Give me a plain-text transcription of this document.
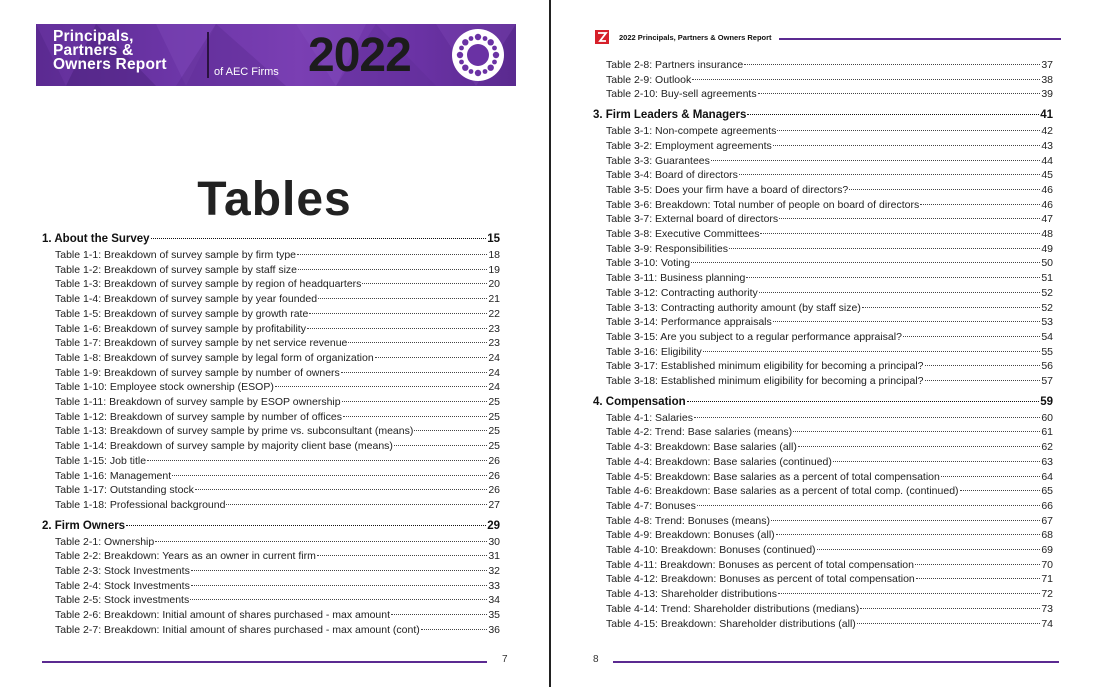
Principals,
Partners &
Owners Report	of AEC Firms 2022
Tables
1. About the Survey	15
Table 1-1: Breakdown of survey sample by firm type	18
Table 1-2: Breakdown of survey sample by staff size	19
Table 1-3: Breakdown of survey sample by region of headquarters	20
Table 1-4: Breakdown of survey sample by year founded	21
Table 1-5: Breakdown of survey sample by growth rate	22
Table 1-6: Breakdown of survey sample by profitability	23
Table 1-7: Breakdown of survey sample by net service revenue	23
Table 1-8: Breakdown of survey sample by legal form of organization	24
Table 1-9: Breakdown of survey sample by number of owners	24
Table 1-10: Employee stock ownership (ESOP)	24
Table 1-11: Breakdown of survey sample by ESOP ownership	25
Table 1-12: Breakdown of survey sample by number of offices	25
Table 1-13: Breakdown of survey sample by prime vs. subconsultant (means)	25
Table 1-14: Breakdown of survey sample by majority client base (means)	25
Table 1-15: Job title	26
Table 1-16: Management	26
Table 1-17: Outstanding stock	26
Table 1-18: Professional background	27
2. Firm Owners	29
Table 2-1: Ownership	30
Table 2-2: Breakdown: Years as an owner in current firm	31
Table 2-3: Stock Investments	32
Table 2-4: Stock Investments	33
Table 2-5: Stock investments	34
Table 2-6: Breakdown: Initial amount of shares purchased - max amount	35
Table 2-7: Breakdown: Initial amount of shares purchased - max amount (cont)	36
7
2022 Principals, Partners & Owners Report
Table 2-8: Partners insurance	37
Table 2-9: Outlook	38
Table 2-10: Buy-sell agreements	39
3. Firm Leaders & Managers	41
Table 3-1: Non-compete agreements	42
Table 3-2: Employment agreements	43
Table 3-3: Guarantees	44
Table 3-4: Board of directors	45
Table 3-5: Does your firm have a board of directors?	46
Table 3-6: Breakdown: Total number of people on board of directors	46
Table 3-7: External board of directors	47
Table 3-8: Executive Committees	48
Table 3-9: Responsibilities	49
Table 3-10: Voting	50
Table 3-11: Business planning	51
Table 3-12: Contracting authority	52
Table 3-13: Contracting authority amount (by staff size)	52
Table 3-14: Performance appraisals	53
Table 3-15: Are you subject to a regular performance appraisal?	54
Table 3-16: Eligibility	55
Table 3-17: Established minimum eligibility for becoming a principal?	56
Table 3-18: Established minimum eligibility for becoming a principal?	57
4. Compensation	59
Table 4-1: Salaries	60
Table 4-2: Trend: Base salaries (means)	61
Table 4-3: Breakdown: Base salaries (all)	62
Table 4-4: Breakdown: Base salaries (continued)	63
Table 4-5: Breakdown: Base salaries as a percent of total compensation	64
Table 4-6: Breakdown: Base salaries as a percent of total comp. (continued)	65
Table 4-7: Bonuses	66
Table 4-8: Trend: Bonuses (means)	67
Table 4-9: Breakdown: Bonuses (all)	68
Table 4-10: Breakdown: Bonuses (continued)	69
Table 4-11: Breakdown: Bonuses as percent of total compensation	70
Table 4-12: Breakdown: Bonuses as percent of total compensation	71
Table 4-13: Shareholder distributions	72
Table 4-14: Trend: Shareholder distributions (medians)	73
Table 4-15: Breakdown: Shareholder distributions (all)	74
8
